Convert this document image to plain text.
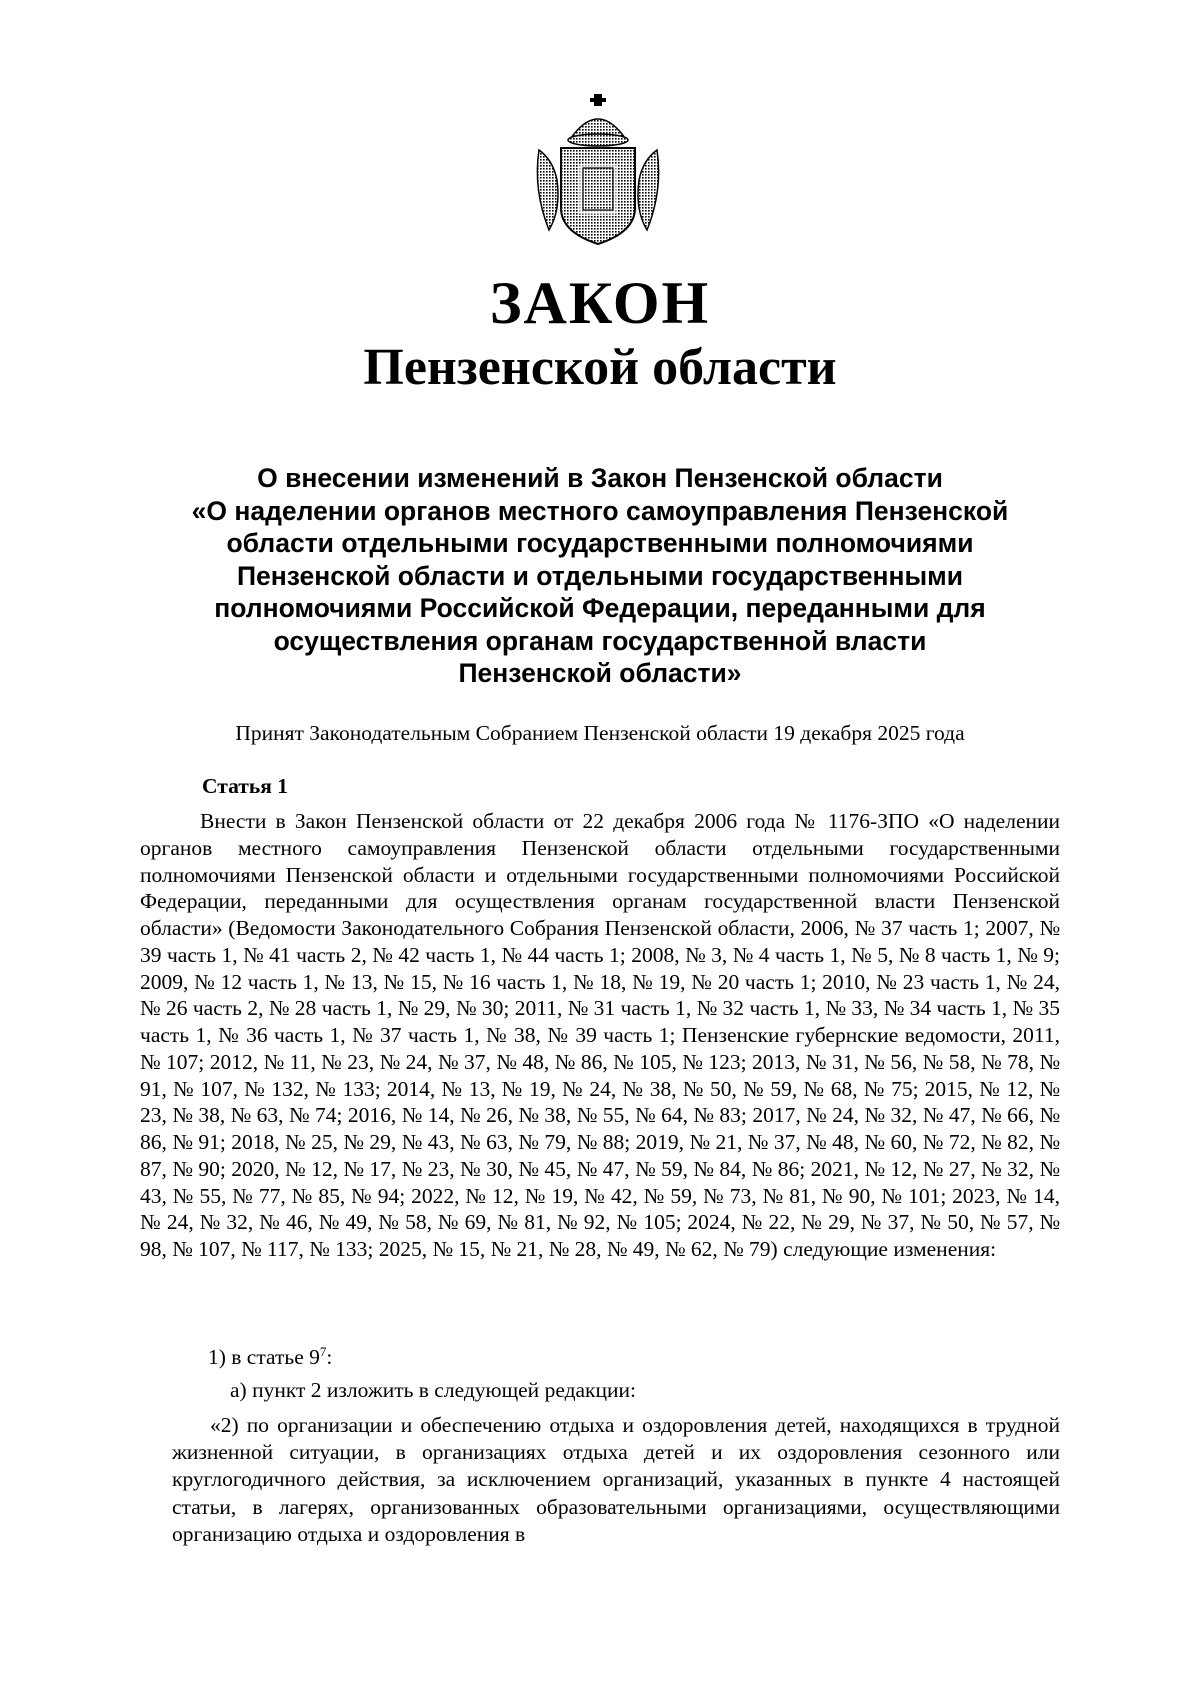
ЗАКОН
Пензенской области
О внесении изменений в Закон Пензенской области
«О наделении органов местного самоуправления Пензенской
области отдельными государственными полномочиями
Пензенской области и отдельными государственными
полномочиями Российской Федерации, переданными для
осуществления органам государственной власти
Пензенской области»
Принят Законодательным Собранием Пензенской области 19 декабря 2025 года
Статья 1

Внести в Закон Пензенской области от 22 декабря 2006 года № 1176-ЗПО «О наделении органов местного самоуправления Пензенской области отдельными государственными полномочиями Пензенской области и отдельными государственными полномочиями Российской Федерации, переданными для осуществления органам государственной власти Пензенской области» (Ведомости Законодательного Собрания Пензенской области, 2006, № 37 часть 1; 2007, № 39 часть 1, № 41 часть 2, № 42 часть 1, № 44 часть 1; 2008, № 3, № 4 часть 1, № 5, № 8 часть 1, № 9; 2009, № 12 часть 1, № 13, № 15, № 16 часть 1, № 18, № 19, № 20 часть 1; 2010, № 23 часть 1, № 24, № 26 часть 2, № 28 часть 1, № 29, № 30; 2011, № 31 часть 1, № 32 часть 1, № 33, № 34 часть 1, № 35 часть 1, № 36 часть 1, № 37 часть 1, № 38, № 39 часть 1; Пензенские губернские ведомости, 2011, № 107; 2012, № 11, № 23, № 24, № 37, № 48, № 86, № 105, № 123; 2013, № 31, № 56, № 58, № 78, № 91, № 107, № 132, № 133; 2014, № 13, № 19, № 24, № 38, № 50, № 59, № 68, № 75; 2015, № 12, № 23, № 38, № 63, № 74; 2016, № 14, № 26, № 38, № 55, № 64, № 83; 2017, № 24, № 32, № 47, № 66, № 86, № 91; 2018, № 25, № 29, № 43, № 63, № 79, № 88; 2019, № 21, № 37, № 48, № 60, № 72, № 82, № 87, № 90; 2020, № 12, № 17, № 23, № 30, № 45, № 47, № 59, № 84, № 86; 2021, № 12, № 27, № 32, № 43, № 55, № 77, № 85, № 94; 2022, № 12, № 19, № 42, № 59, № 73, № 81, № 90, № 101; 2023, № 14, № 24, № 32, № 46, № 49, № 58, № 69, № 81, № 92, № 105; 2024, № 22, № 29, № 37, № 50, № 57, № 98, № 107, № 117, № 133; 2025, № 15, № 21, № 28, № 49, № 62, № 79) следующие изменения:

1) в статье $9^7$:
а) пункт 2 изложить в следующей редакции:

«2) по организации и обеспечению отдыха и оздоровления детей, находящихся в трудной жизненной ситуации, в организациях отдыха детей и их оздоровления сезонного или круглогодичного действия, за исключением организаций, указанных в пункте 4 настоящей статьи, в лагерях, организованных образовательными организациями, осуществляющими организацию отдыха и оздоровления в
